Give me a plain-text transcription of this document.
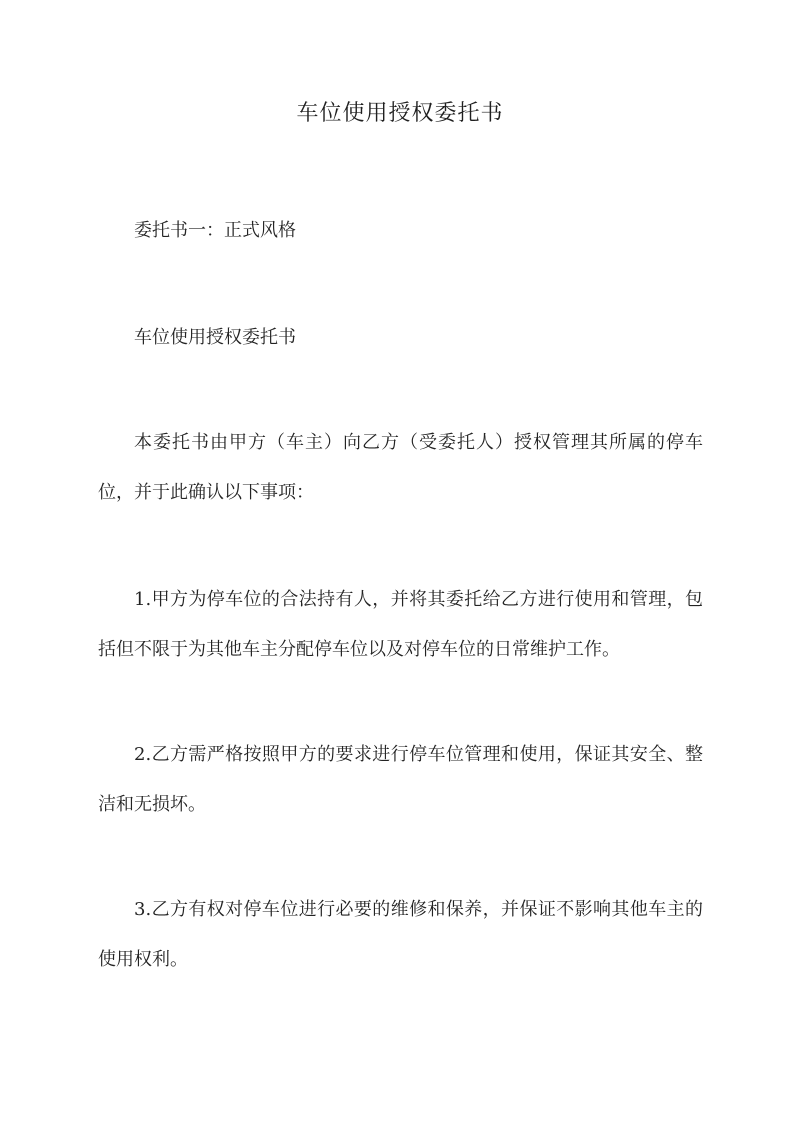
车位使用授权委托书

委托书一：正式风格

车位使用授权委托书

本委托书由甲方（车主）向乙方（受委托人）授权管理其所属的停车位，并于此确认以下事项：

1.甲方为停车位的合法持有人，并将其委托给乙方进行使用和管理，包括但不限于为其他车主分配停车位以及对停车位的日常维护工作。

2.乙方需严格按照甲方的要求进行停车位管理和使用，保证其安全、整洁和无损坏。

3.乙方有权对停车位进行必要的维修和保养，并保证不影响其他车主的使用权利。
